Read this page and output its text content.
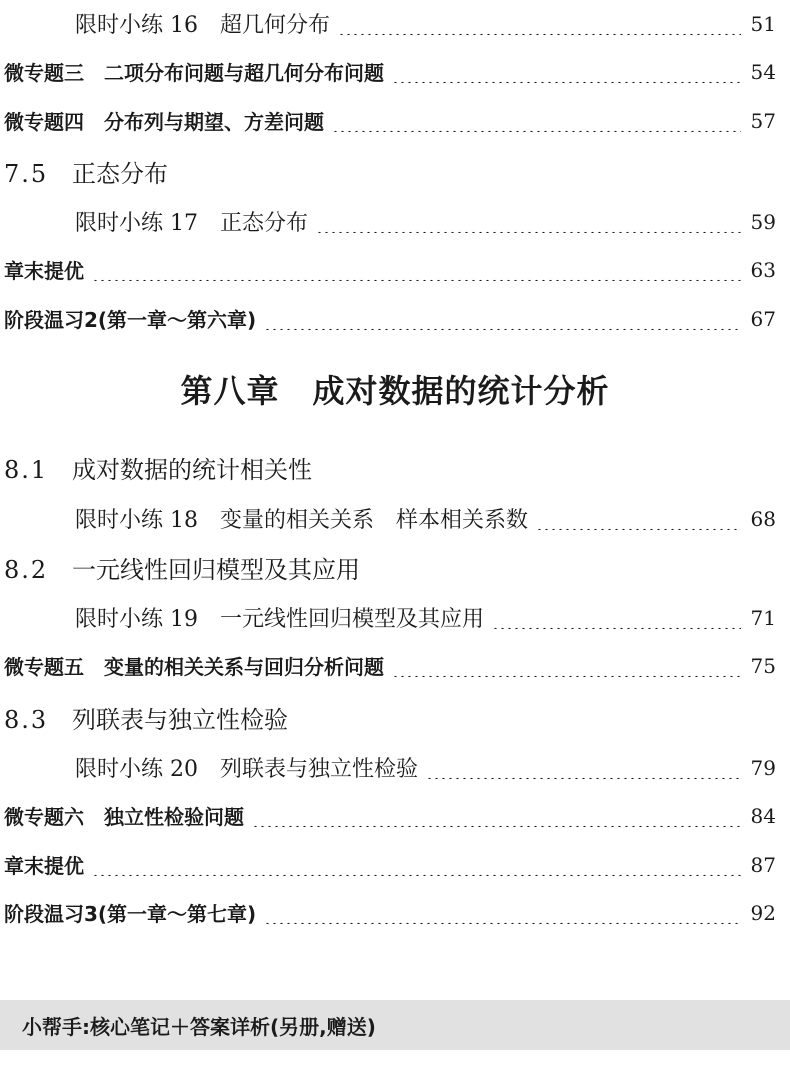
限时小练 16　超几何分布	51
微专题三　二项分布问题与超几何分布问题	54
微专题四　分布列与期望、方差问题	57
7.5 正态分布
限时小练 17　正态分布	59
章末提优	63
阶段温习2(第一章～第六章)	67
第八章　成对数据的统计分析
8.1 成对数据的统计相关性
限时小练 18　变量的相关关系　样本相关系数	68
8.2 一元线性回归模型及其应用
限时小练 19　一元线性回归模型及其应用	71
微专题五　变量的相关关系与回归分析问题	75
8.3 列联表与独立性检验
限时小练 20　列联表与独立性检验	79
微专题六　独立性检验问题	84
章末提优	87
阶段温习3(第一章～第七章)	92
小帮手:核心笔记＋答案详析(另册,赠送)
